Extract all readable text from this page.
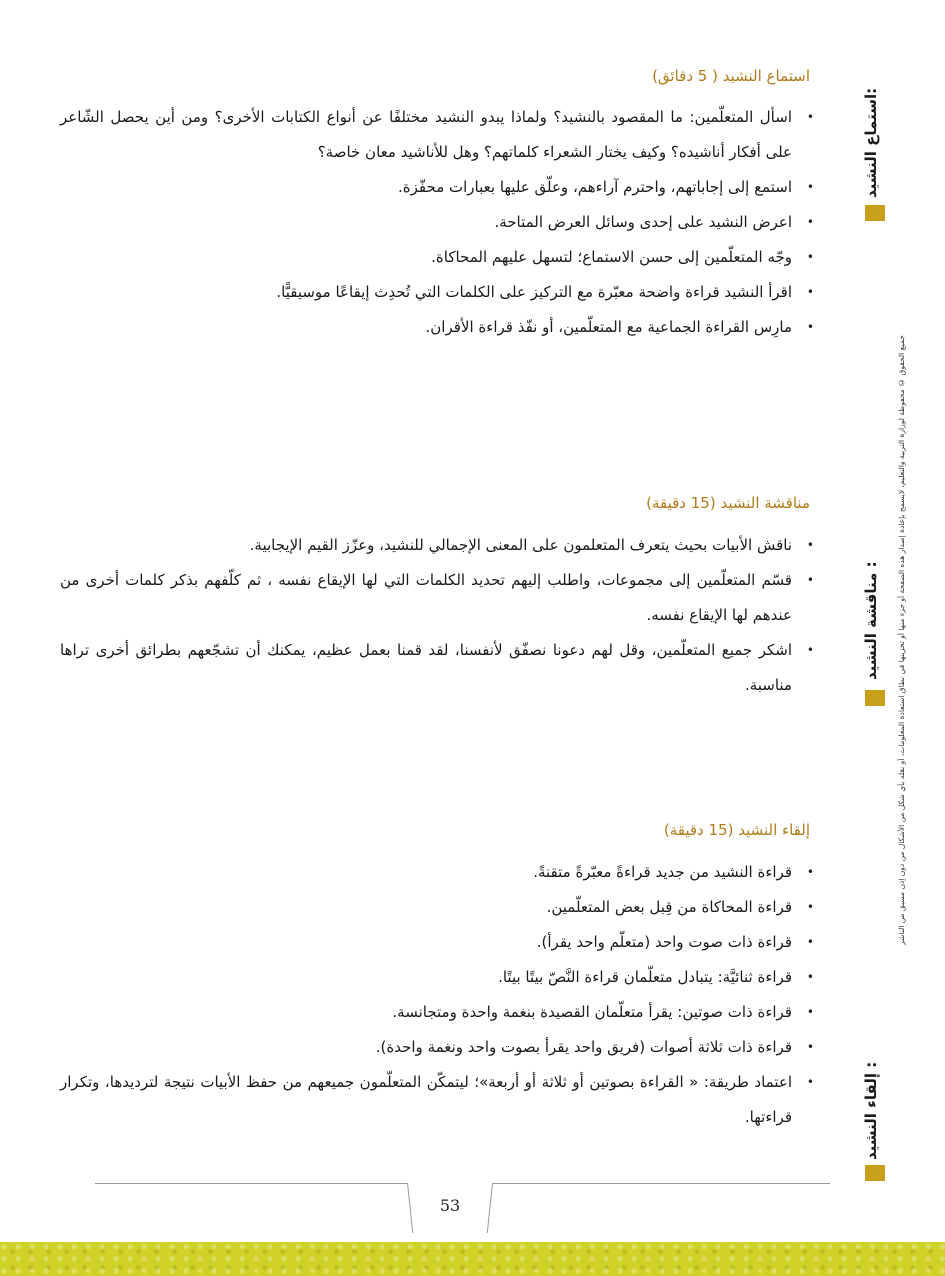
استماع النشيد ( 5 دقائق)
• اسأل المتعلّمين: ما المقصود بالنشيد؟ ولماذا يبدو النشيد مختلفًا عن أنواع الكتابات الأخرى؟ ومن أين يحصل الشّاعر على أفكار أناشيده؟ وكيف يختار الشعراء كلماتهم؟ وهل للأناشيد معان خاصة؟
• استمع إلى إجاباتهم، واحترم آراءهم، وعلّق عليها بعبارات محفّزة.
• اعرض النشيد على إحدى وسائل العرض المتاحة.
• وجّه المتعلّمين إلى حسن الاستماع؛ لتسهل عليهم المحاكاة.
• اقرأ النشيد قراءة واضحة معبّرة مع التركيز على الكلمات التي تُحدِث إيقاعًا موسيقيًّا.
• مارِس القراءة الجماعية مع المتعلّمين، أو نفّذ قراءة الأقران.
مناقشة النشيد (15 دقيقة)
• ناقش الأبيات بحيث يتعرف المتعلمون على المعنى الإجمالي للنشيد، وعزّز القيم الإيجابية.
• قسّم المتعلّمين إلى مجموعات، واطلب إليهم تحديد الكلمات التي لها الإيقاع نفسه ، ثم كلّفهم بذكر كلمات أخرى من عندهم لها الإيقاع نفسه.
• اشكر جميع المتعلّمين، وقل لهم دعونا نصفّق لأنفسنا، لقد قمنا بعمل عظيم، يمكنك أن تشجّعهم بطرائق أخرى تراها مناسبة.
إلقاء النشيد (15 دقيقة)
• قراءة النشيد من جديد قراءةً معبّرةً متقنةً.
• قراءة المحاكاة من قِبل بعض المتعلّمين.
• قراءة ذات صوت واحد (متعلّم واحد يقرأ).
• قراءة ثنائيَّة: يتبادل متعلّمان قراءة النَّصّ بيتًا بيتًا.
• قراءة ذات صوتين: يقرأ متعلّمان القصيدة بنغمة واحدة ومتجانسة.
• قراءة ذات ثلاثة أصوات (فريق واحد يقرأ بصوت واحد ونغمة واحدة).
• اعتماد طريقة: « القراءة بصوتين أو ثلاثة أو أربعة»؛ ليتمكّن المتعلّمون جميعهم من حفظ الأبيات نتيجة لترديدها، وتكرار قراءتها.
استماع النشيد:
مناقشة النشيد :
إلقاء النشيد :
جميع الحقوق © محفوظة لوزارة التربية والتعليم، لايسمح بإعادة إصدار هذه الصفحة أو جزء منها أو تخزينها في نطاق استعادة المعلومات، أو نقله بأي شكل من الأشكال من دون إذن مسبق من الناشر
53
